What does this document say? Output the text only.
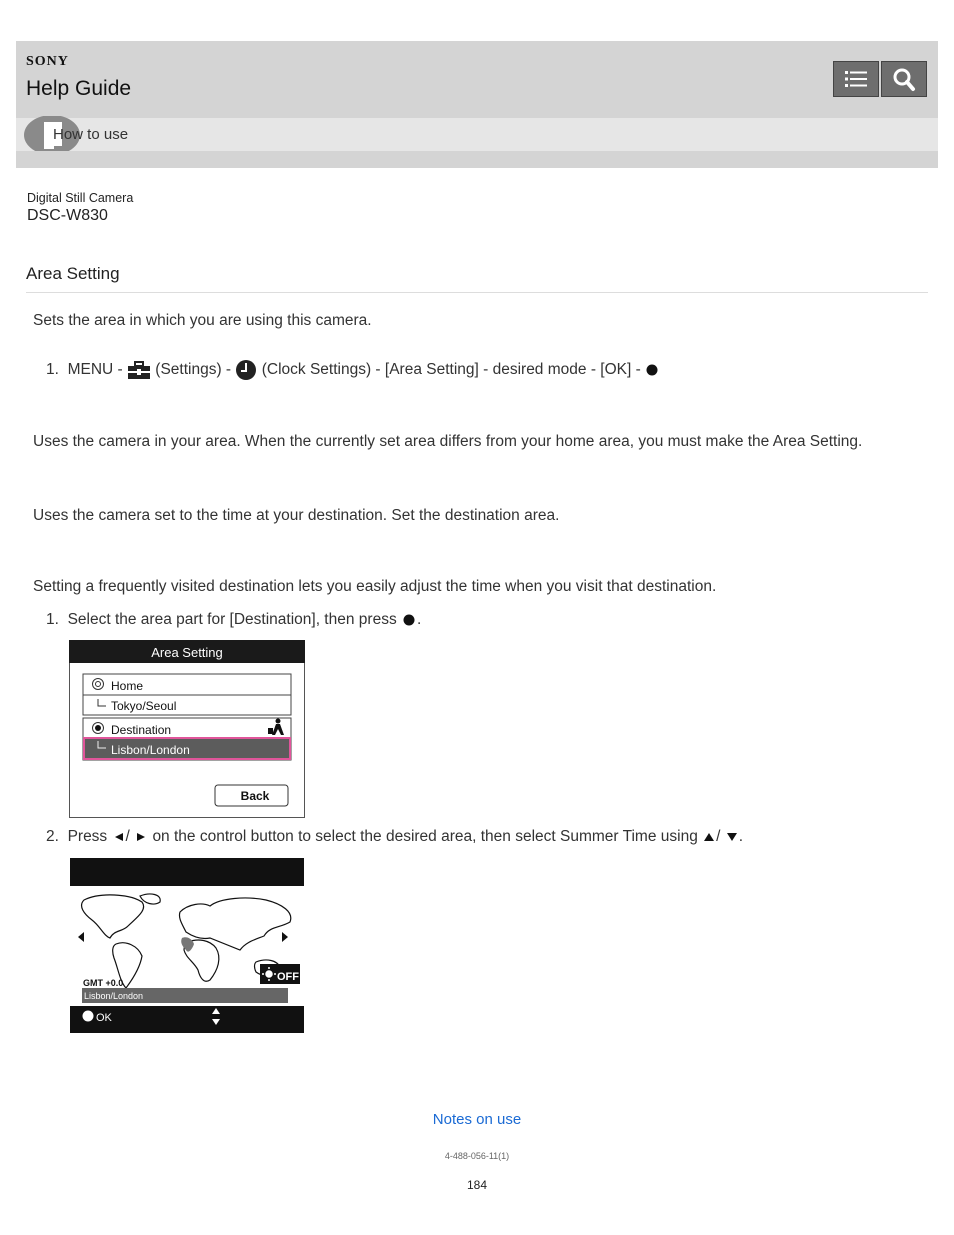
SONY
Help Guide
How to use
Digital Still Camera
DSC-W830
Area Setting
Sets the area in which you are using this camera.
1. MENU - (Settings) - (Clock Settings) - [Area Setting] - desired mode - [OK] -
Uses the camera in your area. When the currently set area differs from your home area, you must make the Area Setting.
Uses the camera set to the time at your destination. Set the destination area.
Setting a frequently visited destination lets you easily adjust the time when you visit that destination.
1. Select the area part for [Destination], then press .
Area Setting
Home
Tokyo/Seoul
Destination
Lisbon/London
Back
2. Press / on the control button to select the desired area, then select Summer Time using / .
OFF
GMT +0.0
Lisbon/London
OK
Notes on use
4-488-056-11(1)
184
